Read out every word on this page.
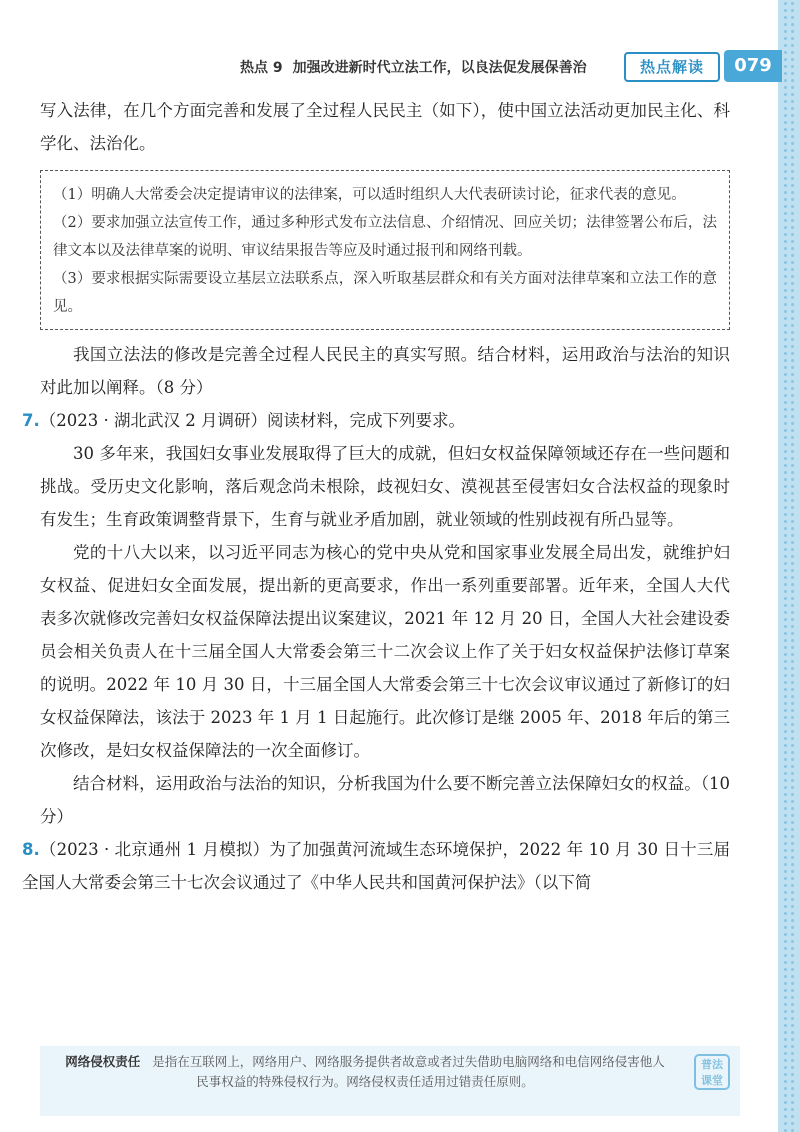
热点 9 加强改进新时代立法工作，以良法促发展保善治	热点解读	079

写入法律，在几个方面完善和发展了全过程人民民主（如下），使中国立法活动更加民主化、科学化、法治化。

（1）明确人大常委会决定提请审议的法律案，可以适时组织人大代表研读讨论，征求代表的意见。

（2）要求加强立法宣传工作，通过多种形式发布立法信息、介绍情况、回应关切；法律签署公布后，法律文本以及法律草案的说明、审议结果报告等应及时通过报刊和网络刊载。

（3）要求根据实际需要设立基层立法联系点，深入听取基层群众和有关方面对法律草案和立法工作的意见。

我国立法法的修改是完善全过程人民民主的真实写照。结合材料，运用政治与法治的知识对此加以阐释。（8 分）

7.（2023 · 湖北武汉 2 月调研）阅读材料，完成下列要求。

30 多年来，我国妇女事业发展取得了巨大的成就，但妇女权益保障领域还存在一些问题和挑战。受历史文化影响，落后观念尚未根除，歧视妇女、漠视甚至侵害妇女合法权益的现象时有发生；生育政策调整背景下，生育与就业矛盾加剧，就业领域的性别歧视有所凸显等。

党的十八大以来，以习近平同志为核心的党中央从党和国家事业发展全局出发，就维护妇女权益、促进妇女全面发展，提出新的更高要求，作出一系列重要部署。近年来，全国人大代表多次就修改完善妇女权益保障法提出议案建议，2021 年 12 月 20 日，全国人大社会建设委员会相关负责人在十三届全国人大常委会第三十二次会议上作了关于妇女权益保护法修订草案的说明。2022 年 10 月 30 日，十三届全国人大常委会第三十七次会议审议通过了新修订的妇女权益保障法，该法于 2023 年 1 月 1 日起施行。此次修订是继 2005 年、2018 年后的第三次修改，是妇女权益保障法的一次全面修订。

结合材料，运用政治与法治的知识，分析我国为什么要不断完善立法保障妇女的权益。（10 分）

8.（2023 · 北京通州 1 月模拟）为了加强黄河流域生态环境保护，2022 年 10 月 30 日十三届全国人大常委会第三十七次会议通过了《中华人民共和国黄河保护法》（以下简

网络侵权责任 是指在互联网上，网络用户、网络服务提供者故意或者过失借助电脑网络和电信网络侵害他人民事权益的特殊侵权行为。网络侵权责任适用过错责任原则。
普法课堂
